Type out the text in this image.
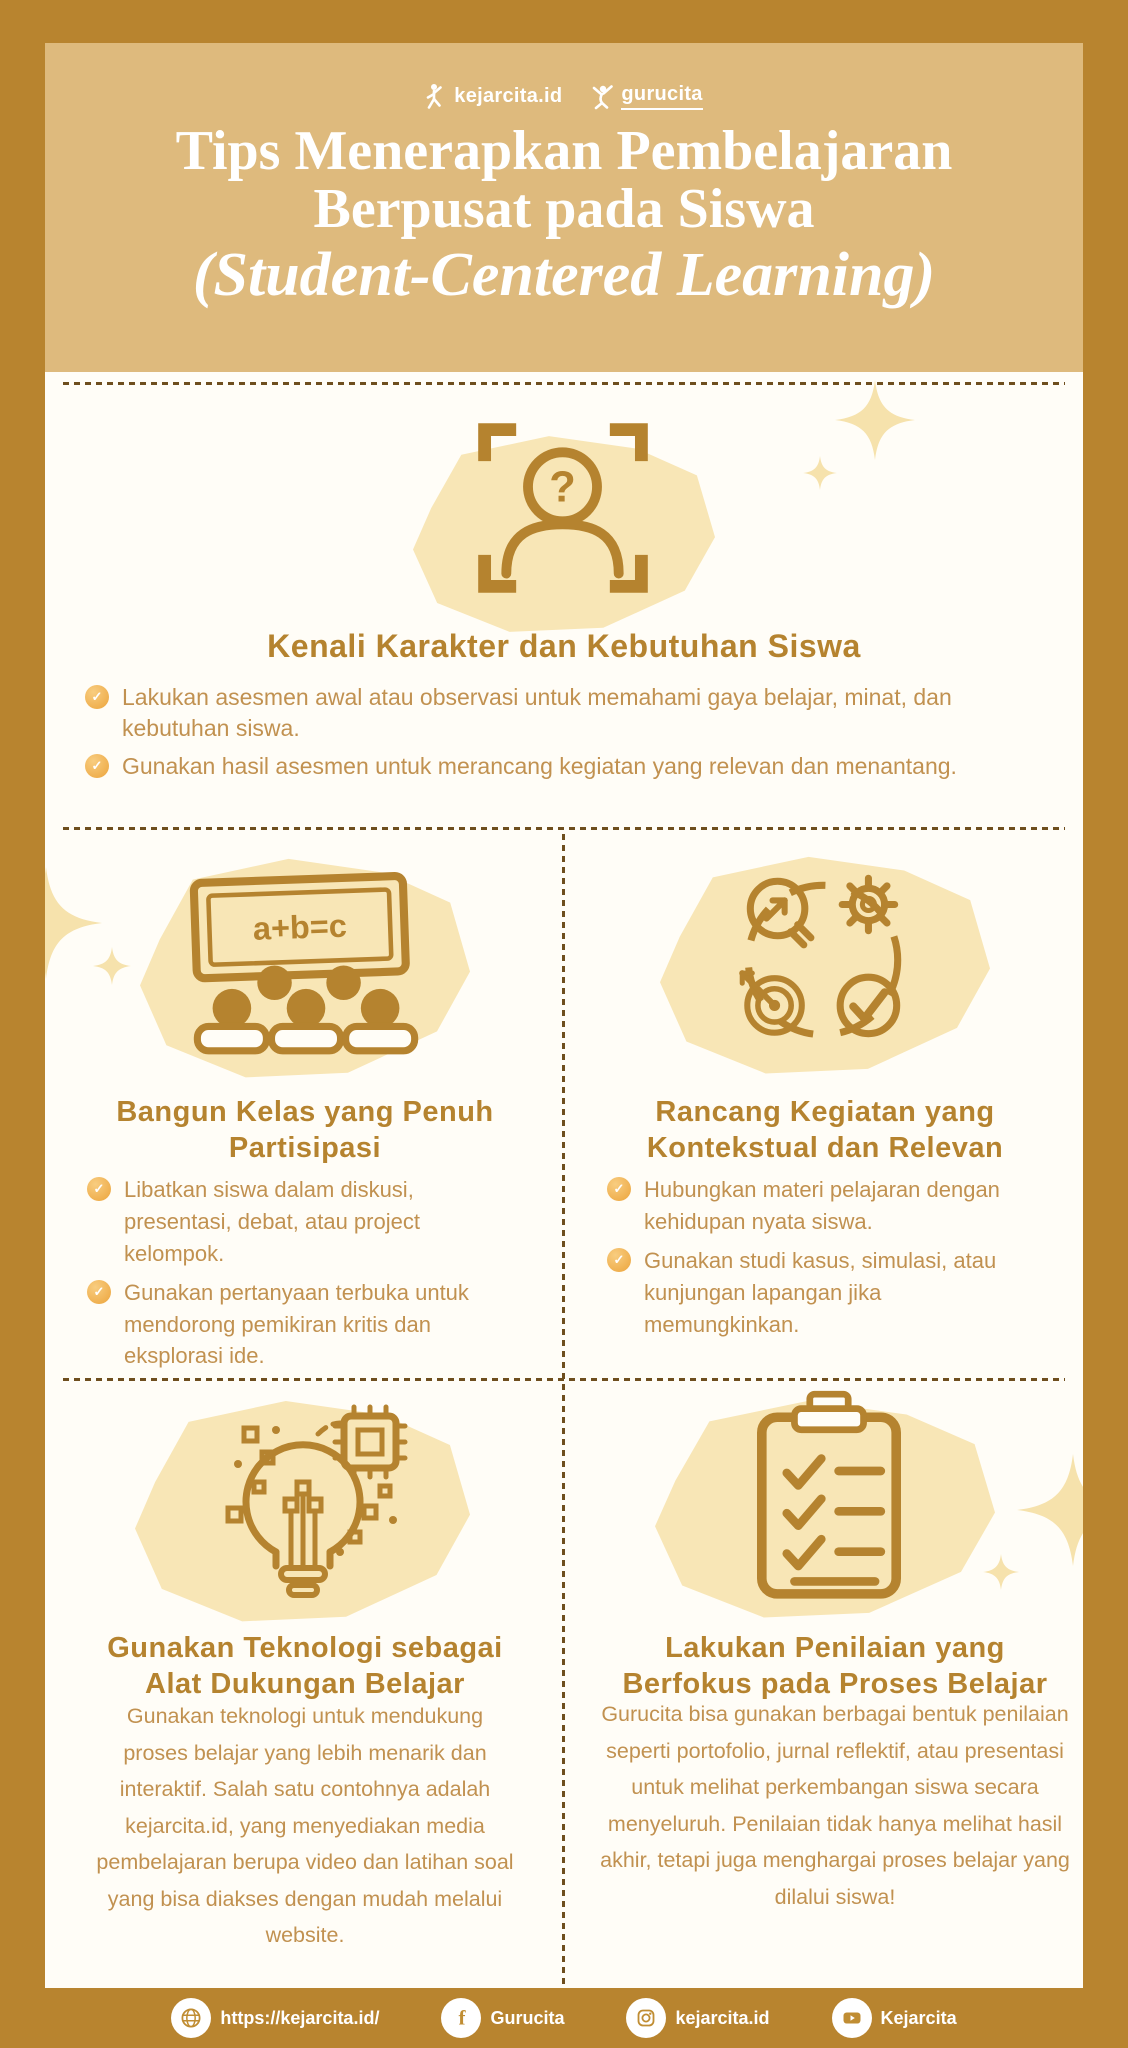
kejarcita.id	gurucita
Tips Menerapkan Pembelajaran
Berpusat pada Siswa
(Student-Centered Learning)
?
Kenali Karakter dan Kebutuhan Siswa
✓ Lakukan asesmen awal atau observasi untuk memahami gaya belajar, minat, dan kebutuhan siswa.
✓ Gunakan hasil asesmen untuk merancang kegiatan yang relevan dan menantang.
a+b=c
Bangun Kelas yang Penuh Partisipasi
✓ Libatkan siswa dalam diskusi, presentasi, debat, atau project kelompok.
✓ Gunakan pertanyaan terbuka untuk mendorong pemikiran kritis dan eksplorasi ide.
Rancang Kegiatan yang Kontekstual dan Relevan
✓ Hubungkan materi pelajaran dengan kehidupan nyata siswa.
✓ Gunakan studi kasus, simulasi, atau kunjungan lapangan jika memungkinkan.
Gunakan Teknologi sebagai Alat Dukungan Belajar
Gunakan teknologi untuk mendukung proses belajar yang lebih menarik dan interaktif. Salah satu contohnya adalah kejarcita.id, yang menyediakan media pembelajaran berupa video dan latihan soal yang bisa diakses dengan mudah melalui website.
Lakukan Penilaian yang Berfokus pada Proses Belajar
Gurucita bisa gunakan berbagai bentuk penilaian seperti portofolio, jurnal reflektif, atau presentasi untuk melihat perkembangan siswa secara menyeluruh. Penilaian tidak hanya melihat hasil akhir, tetapi juga menghargai proses belajar yang dilalui siswa!
https://kejarcita.id/	f Gurucita	kejarcita.id	Kejarcita
